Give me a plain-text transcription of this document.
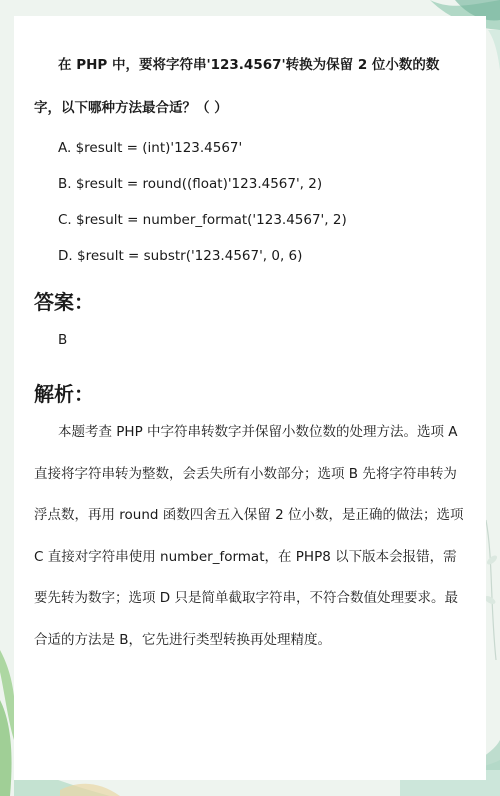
在 PHP 中，要将字符串'123.4567'转换为保留 2 位小数的数字，以下哪种方法最合适？（ ）

A. $result = (int)'123.4567'
B. $result = round((float)'123.4567', 2)
C. $result = number_format('123.4567', 2)
D. $result = substr('123.4567', 0, 6)
答案：
B
解析：

本题考查 PHP 中字符串转数字并保留小数位数的处理方法。选项 A 直接将字符串转为整数，会丢失所有小数部分；选项 B 先将字符串转为浮点数，再用 round 函数四舍五入保留 2 位小数，是正确的做法；选项 C 直接对字符串使用 number_format，在 PHP8 以下版本会报错，需要先转为数字；选项 D 只是简单截取字符串，不符合数值处理要求。最合适的方法是 B，它先进行类型转换再处理精度。
